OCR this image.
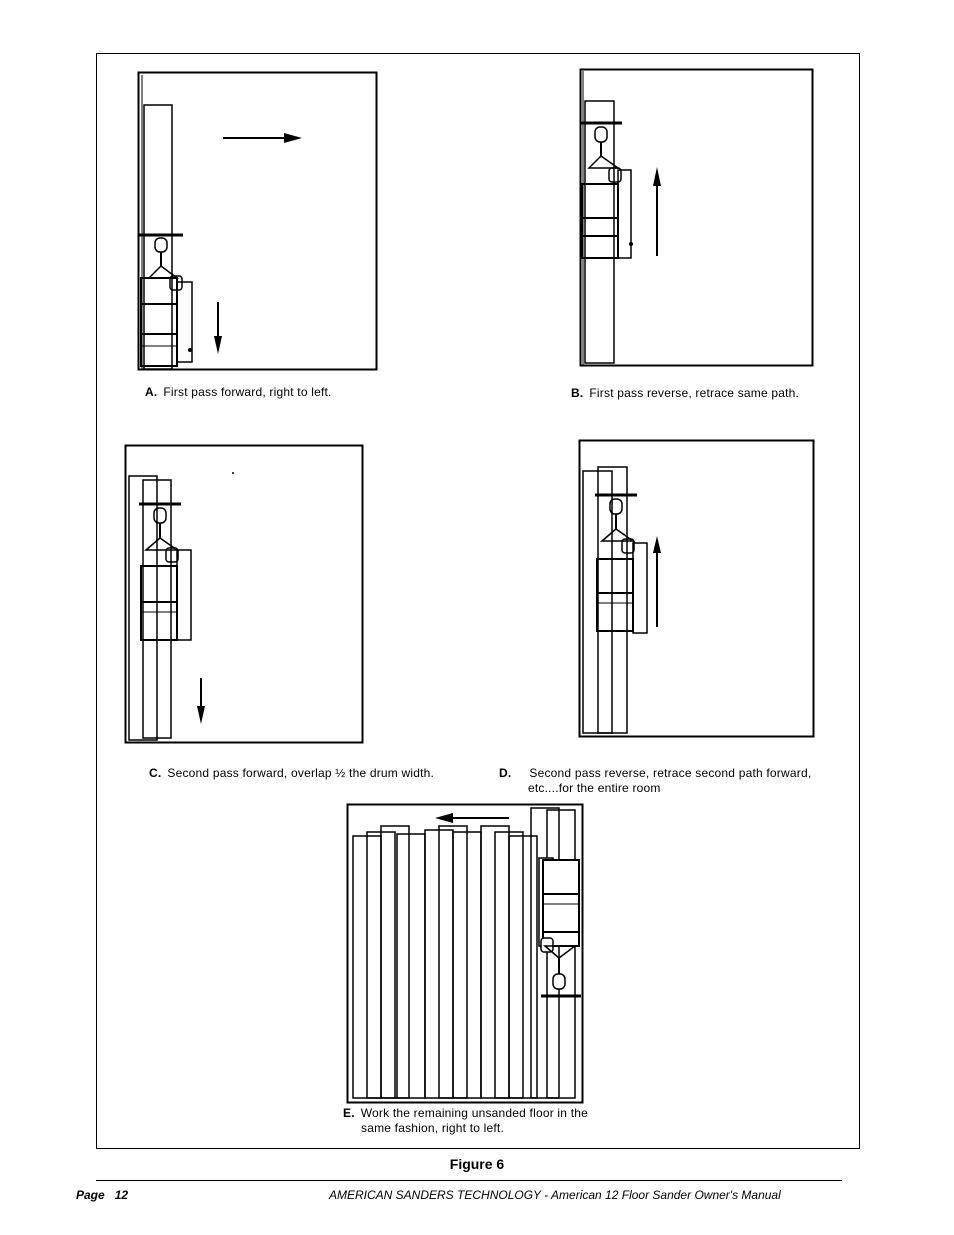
A. First pass forward, right to left.	B. First pass reverse, retrace same path.
C. Second pass forward, overlap ½ the drum width.	D. Second pass reverse, retrace second path forward,
etc....for the entire room
E. Work the remaining unsanded floor in the
same fashion, right to left.
Figure 6
Page 12	AMERICAN SANDERS TECHNOLOGY - American 12 Floor Sander Owner's Manual
